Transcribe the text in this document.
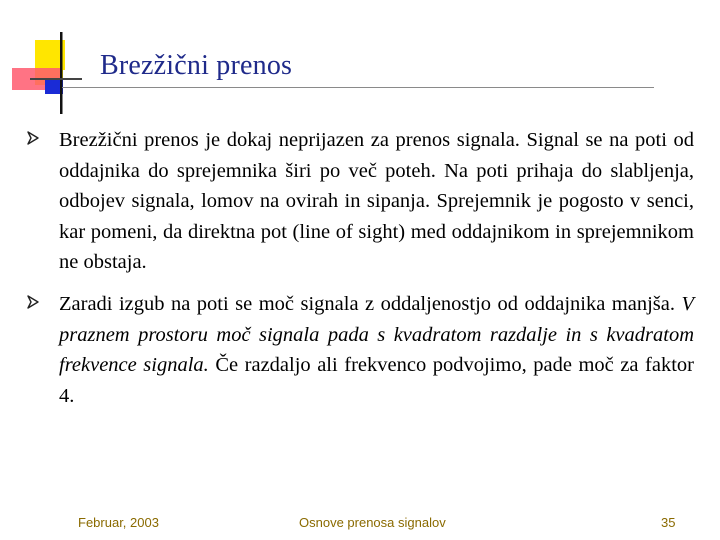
Brezžični prenos
Brezžični prenos je dokaj neprijazen za prenos signala. Signal se na poti od oddajnika do sprejemnika širi po več poteh. Na poti prihaja do slabljenja, odbojev signala, lomov na ovirah in sipanja. Sprejemnik je pogosto v senci, kar pomeni, da direktna pot (line of sight) med oddajnikom in sprejemnikom ne obstaja.
Zaradi izgub na poti se moč signala z oddaljenostjo od oddajnika manjša. V praznem prostoru moč signala pada s kvadratom razdalje in s kvadratom frekvence signala. Če razdaljo ali frekvenco podvojimo, pade moč za faktor 4.
Februar, 2003	Osnove prenosa signalov	35
